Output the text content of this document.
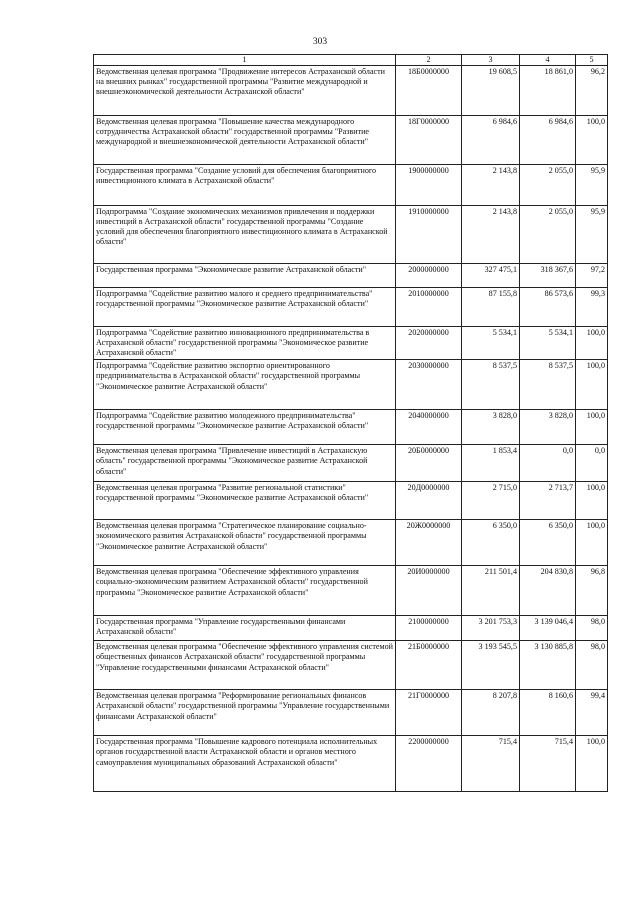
303
1	2	3	4	5
Ведомственная целевая программа "Продвижение интересов Астраханской области на внешних рынках" государственной программы "Развитие международной и внешнеэкономической деятельности Астраханской области"	18Б0000000	19 608,5	18 861,0	96,2
Ведомственная целевая программа "Повышение качества международного сотрудничества Астраханской области" государственной программы "Развитие международной и внешнеэкономической деятельности Астраханской области"	18Г0000000	6 984,6	6 984,6	100,0
Государственная программа "Создание условий для обеспечения благоприятного инвестиционного климата в Астраханской области"	1900000000	2 143,8	2 055,0	95,9
Подпрограмма "Создание экономических механизмов привлечения и поддержки инвестиций в Астраханской области" государственной программы "Создание условий для обеспечения благоприятного инвестиционного климата в Астраханской области"	1910000000	2 143,8	2 055,0	95,9
Государственная программа "Экономическое развитие Астраханской области"	2000000000	327 475,1	318 367,6	97,2
Подпрограмма "Содействие развитию малого и среднего предпринимательства" государственной программы "Экономическое развитие Астраханской области"	2010000000	87 155,8	86 573,6	99,3
Подпрограмма "Содействие развитию инновационного предпринимательства в Астраханской области" государственной программы "Экономическое развитие Астраханской области"	2020000000	5 534,1	5 534,1	100,0
Подпрограмма "Содействие развитию экспортно ориентированного предпринимательства в Астраханской области" государственной программы "Экономическое развитие Астраханской области"	2030000000	8 537,5	8 537,5	100,0
Подпрограмма "Содействие развитию молодежного предпринимательства" государственной программы "Экономическое развитие Астраханской области"	2040000000	3 828,0	3 828,0	100,0
Ведомственная целевая программа "Привлечение инвестиций в Астраханскую область" государственной программы "Экономическое развитие Астраханской области"	20Б0000000	1 853,4	0,0	0,0
Ведомственная целевая программа "Развитие региональной статистики" государственной программы "Экономическое развитие Астраханской области"	20Д0000000	2 715,0	2 713,7	100,0
Ведомственная целевая программа "Стратегическое планирование социально-экономического развития Астраханской области" государственной программы "Экономическое развитие Астраханской области"	20Ж0000000	6 350,0	6 350,0	100,0
Ведомственная целевая программа "Обеспечение эффективного управления социально-экономическим развитием Астраханской области" государственной программы "Экономическое развитие Астраханской области"	20И0000000	211 501,4	204 830,8	96,8
Государственная программа "Управление государственными финансами Астраханской области"	2100000000	3 201 753,3	3 139 046,4	98,0
Ведомственная целевая программа "Обеспечение эффективного управления системой общественных финансов Астраханской области" государственной программы "Управление государственными финансами Астраханской области"	21Б0000000	3 193 545,5	3 130 885,8	98,0
Ведомственная целевая программа "Реформирование региональных финансов Астраханской области" государственной программы "Управление государственными финансами Астраханской области"	21Г0000000	8 207,8	8 160,6	99,4
Государственная программа "Повышение кадрового потенциала исполнительных органов государственной власти Астраханской области и органов местного самоуправления муниципальных образований Астраханской области"	2200000000	715,4	715,4	100,0
